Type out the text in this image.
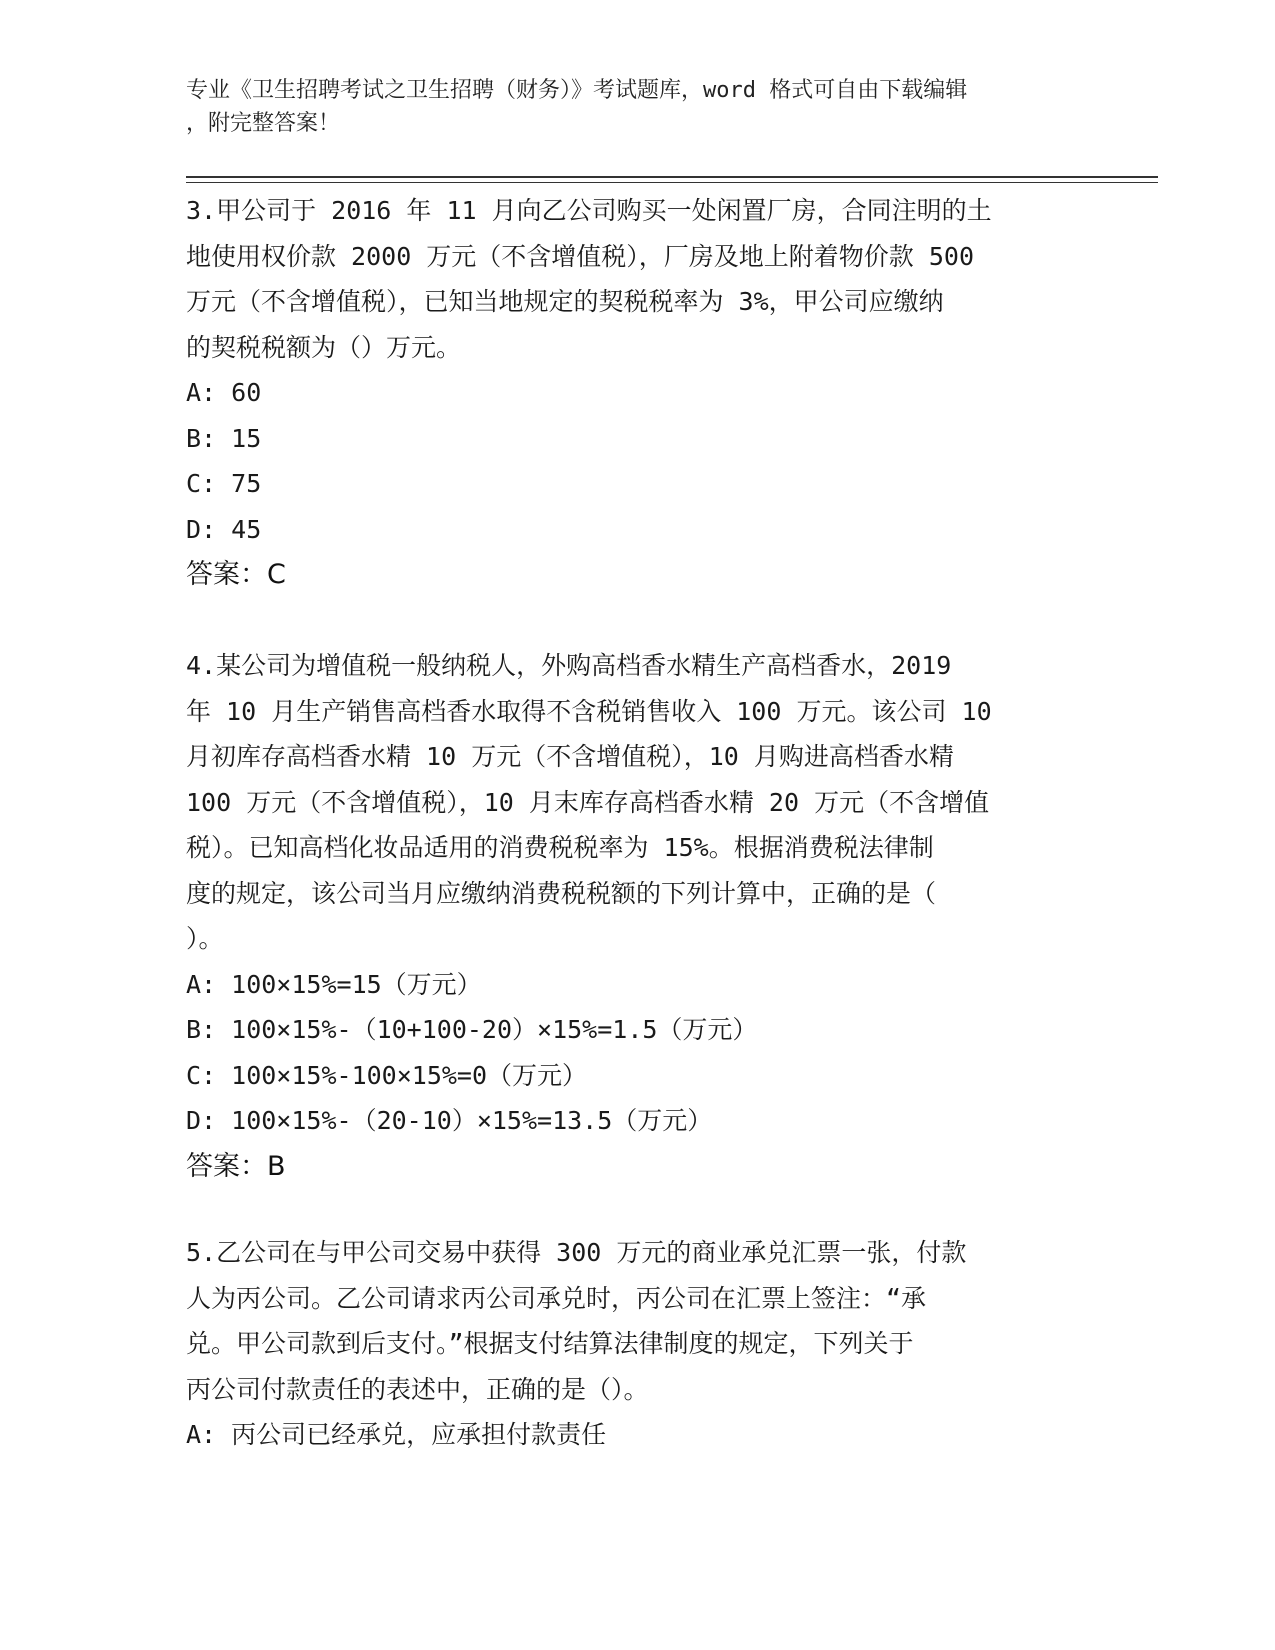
专业《卫生招聘考试之卫生招聘（财务）》考试题库，word 格式可自由下载编辑
，附完整答案！

3.甲公司于 2016 年 11 月向乙公司购买一处闲置厂房，合同注明的土

地使用权价款 2000 万元（不含增值税），厂房及地上附着物价款 500

万元（不含增值税），已知当地规定的契税税率为 3%，甲公司应缴纳

的契税税额为（）万元。

A: 60

B: 15

C: 75

D: 45

答案：C

4.某公司为增值税一般纳税人，外购高档香水精生产高档香水，2019

年 10 月生产销售高档香水取得不含税销售收入 100 万元。该公司 10

月初库存高档香水精 10 万元（不含增值税），10 月购进高档香水精

100 万元（不含增值税），10 月末库存高档香水精 20 万元（不含增值

税）。已知高档化妆品适用的消费税税率为 15%。根据消费税法律制

度的规定，该公司当月应缴纳消费税税额的下列计算中，正确的是（

）。

A: 100×15%=15（万元）

B: 100×15%-（10+100-20）×15%=1.5（万元）

C: 100×15%-100×15%=0（万元）

D: 100×15%-（20-10）×15%=13.5（万元）

答案：B

5.乙公司在与甲公司交易中获得 300 万元的商业承兑汇票一张，付款

人为丙公司。乙公司请求丙公司承兑时，丙公司在汇票上签注：“承

兑。甲公司款到后支付。”根据支付结算法律制度的规定，下列关于

丙公司付款责任的表述中，正确的是（）。

A: 丙公司已经承兑，应承担付款责任
